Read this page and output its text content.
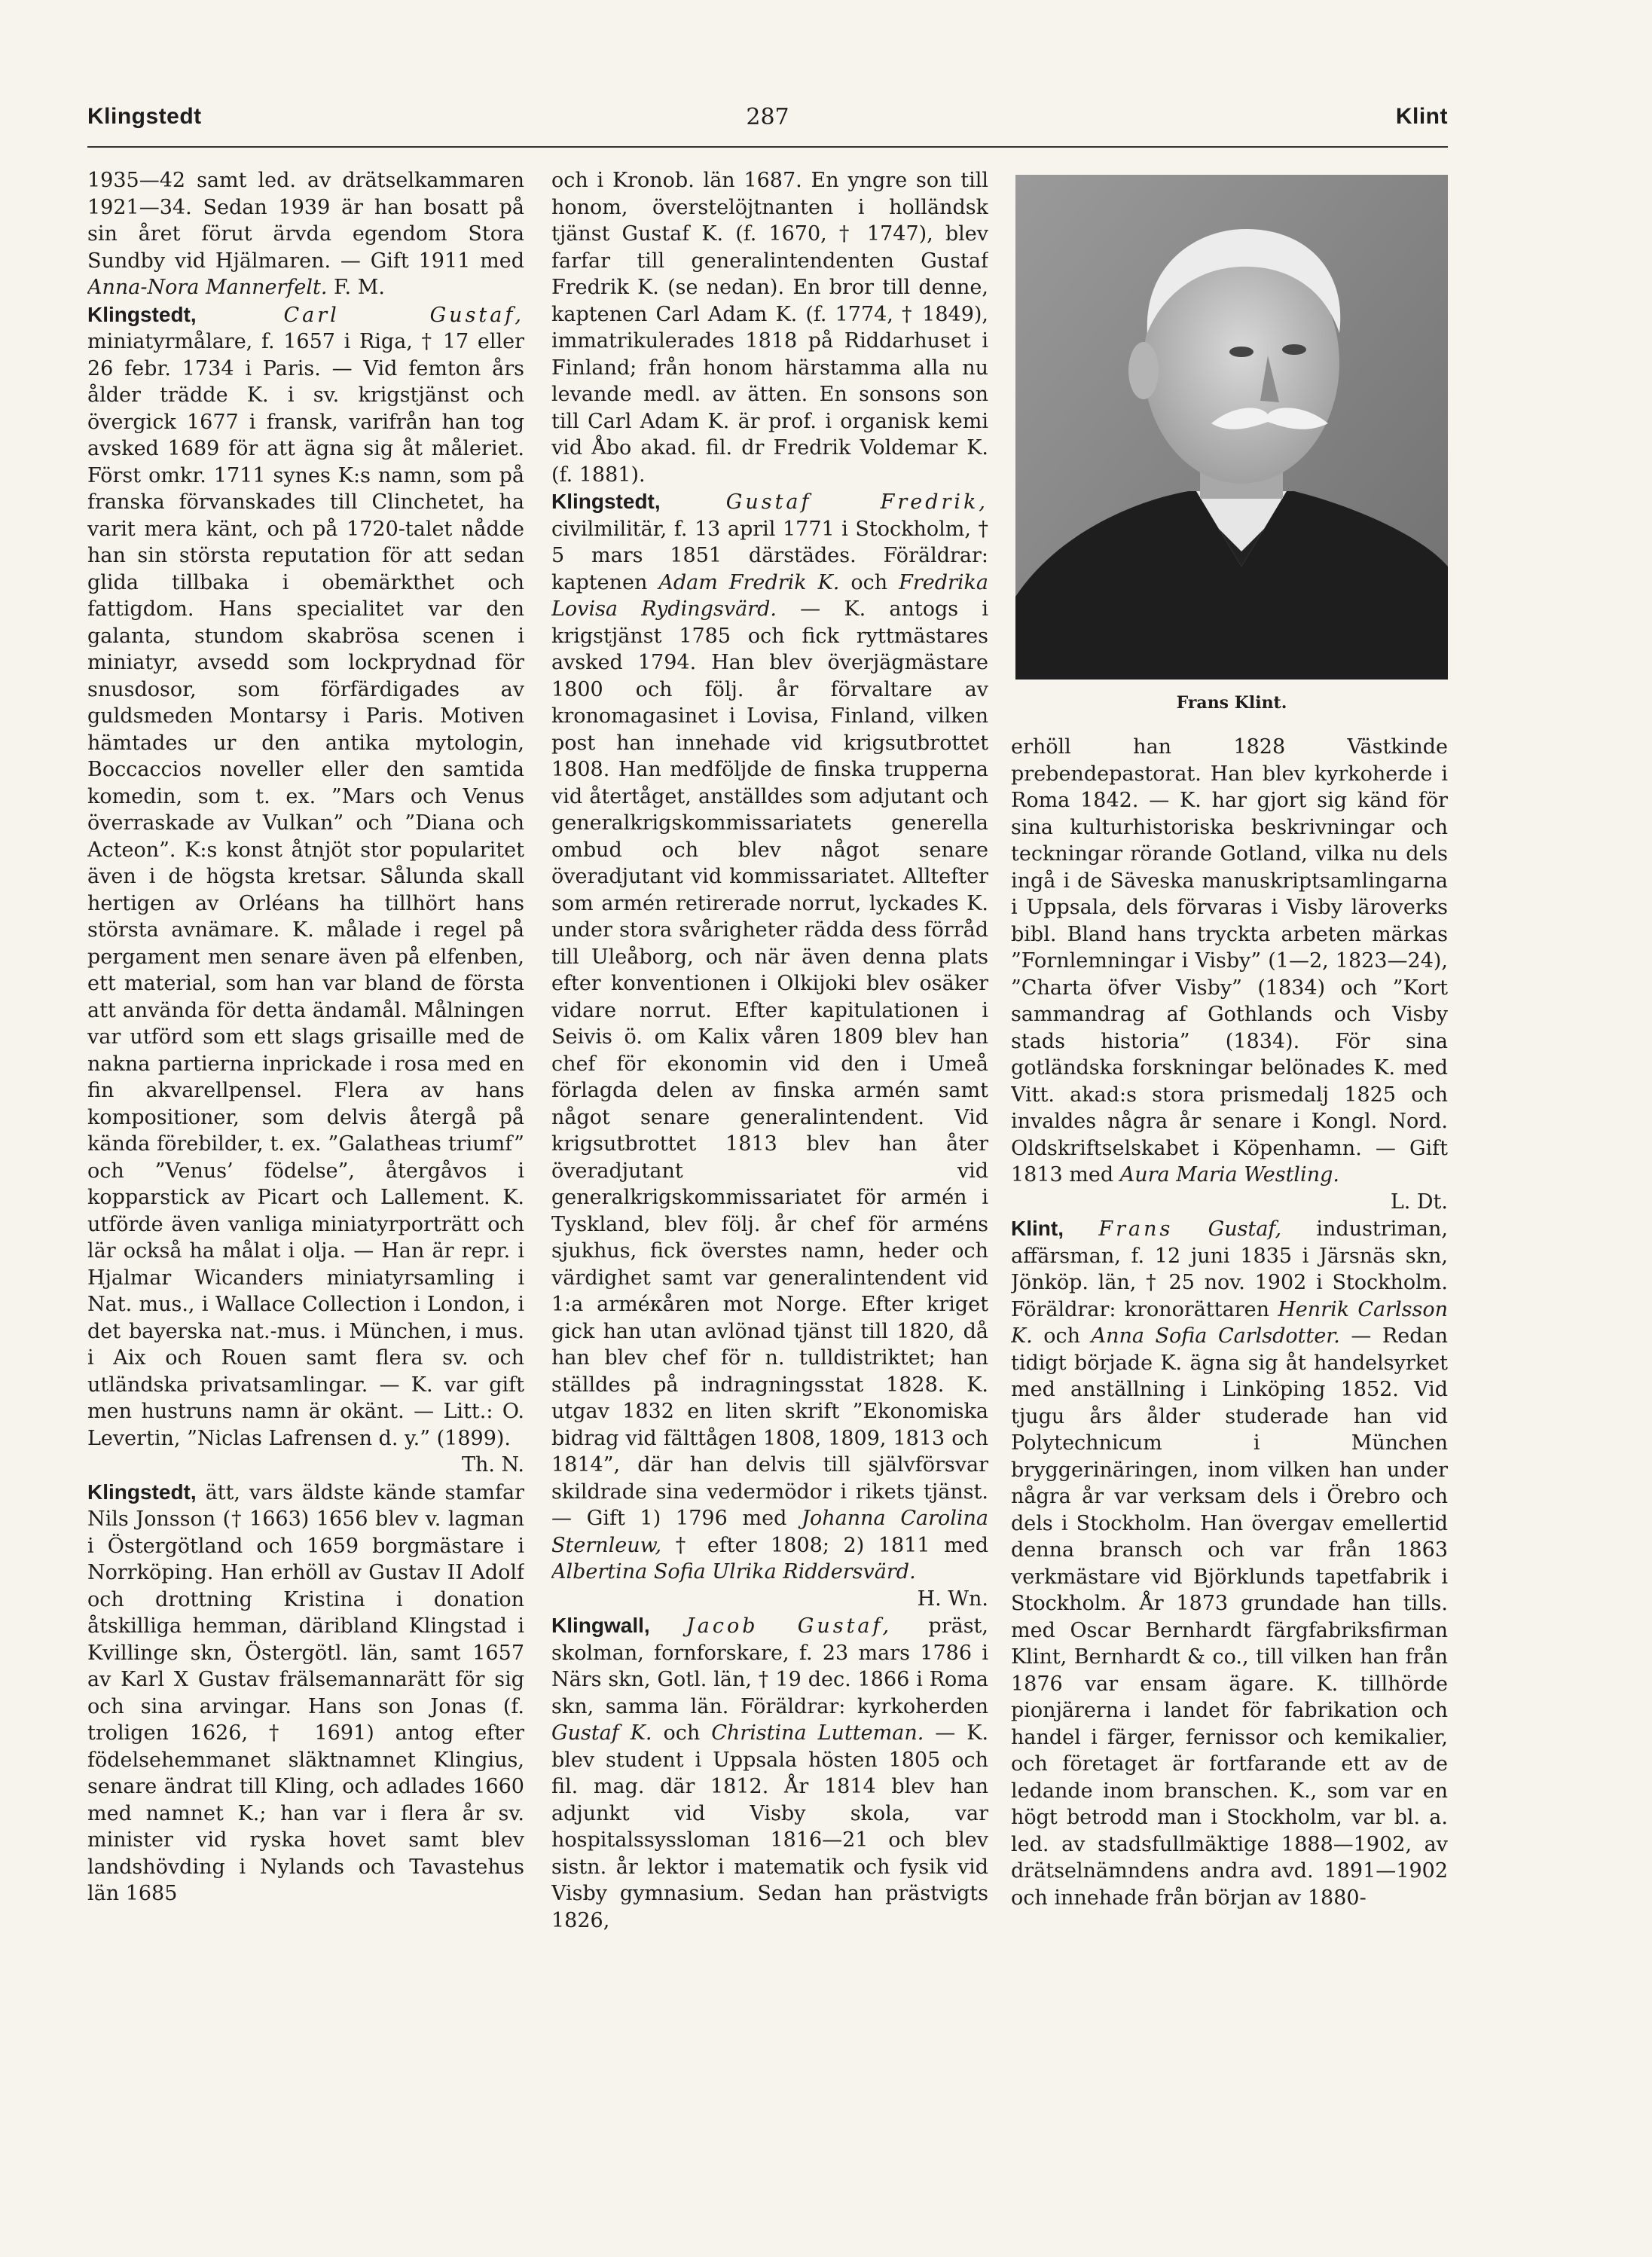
Klingstedt	287	Klint

1935—42 samt led. av drätselkammaren 1921—34. Sedan 1939 är han bosatt på sin året förut ärvda egendom Stora Sundby vid Hjälmaren. — Gift 1911 med Anna-Nora Mannerfelt. F. M.

Klingstedt,	Carl Gustaf, miniatyrmålare, f. 1657 i Riga, † 17 eller 26 febr. 1734 i Paris. — Vid femton års ålder trädde K. i sv. krigstjänst och övergick 1677 i fransk, varifrån han tog avsked 1689 för att ägna sig åt måleriet. Först omkr. 1711 synes K:s namn, som på franska förvanskades till Clinchetet, ha varit mera känt, och på 1720-talet nådde han sin största reputation för att sedan glida tillbaka i obemärkthet och fattigdom. Hans specialitet var den galanta, stundom skabrösa scenen i miniatyr, avsedd som lockprydnad för snusdosor, som förfärdigades av guldsmeden Montarsy i Paris. Motiven hämtades ur den antika mytologin, Boccaccios noveller eller den samtida komedin, som t. ex. ”Mars och Venus överraskade av Vulkan” och ”Diana och Acteon”. K:s konst åtnjöt stor popularitet även i de högsta kretsar. Sålunda skall hertigen av Orléans ha tillhört hans största avnämare. K. målade i regel på pergament men senare även på elfenben, ett material, som han var bland de första att använda för detta ändamål. Målningen var utförd som ett slags grisaille med de nakna partierna inprickade i rosa med en fin akvarellpensel. Flera av hans kompositioner, som delvis återgå på kända förebilder, t. ex. ”Galatheas triumf” och ”Venus’ födelse”, återgåvos i kopparstick av Picart och Lallement. K. utförde även vanliga miniatyrporträtt och lär också ha målat i olja. — Han är repr. i Hjalmar Wicanders miniatyrsamling i Nat. mus., i Wallace Collection i London, i det bayerska nat.-mus. i München, i mus. i Aix och Rouen samt flera sv. och utländska privatsamlingar. — K. var gift men hustruns namn är okänt. — Litt.: O. Levertin, ”Niclas Lafrensen d. y.” (1899).
Th. N.

Klingstedt, ätt, vars äldste kände stamfar Nils Jonsson († 1663) 1656 blev v. lagman i Östergötland och 1659 borgmästare i Norrköping. Han erhöll av Gustav II Adolf och drottning Kristina i donation åtskilliga hemman, däribland Klingstad i Kvillinge skn, Östergötl. län, samt 1657 av Karl X Gustav frälsemannarätt för sig och sina arvingar. Hans son Jonas (f. troligen 1626, † 1691) antog efter födelsehemmanet släktnamnet Klingius, senare ändrat till Kling, och adlades 1660 med namnet K.; han var i flera år sv. minister vid ryska hovet samt blev landshövding i Nylands och Tavastehus län 1685

och i Kronob. län 1687. En yngre son till honom, överstelöjtnanten i holländsk tjänst Gustaf K. (f. 1670, † 1747), blev farfar till generalintendenten Gustaf Fredrik K. (se nedan). En bror till denne, kaptenen Carl Adam K. (f. 1774, † 1849), immatrikulerades 1818 på Riddarhuset i Finland; från honom härstamma alla nu levande medl. av ätten. En sonsons son till Carl Adam K. är prof. i organisk kemi vid Åbo akad. fil. dr Fredrik Voldemar K. (f. 1881).

Klingstedt,	Gustaf Fredrik, civilmilitär, f. 13 april 1771 i Stockholm, † 5 mars 1851 därstädes. Föräldrar: kaptenen Adam Fredrik K. och Fredrika Lovisa Rydingsvärd. — K. antogs i krigstjänst 1785 och fick ryttmästares avsked 1794. Han blev överjägmästare 1800 och följ. år förvaltare av kronomagasinet i Lovisa, Finland, vilken post han innehade vid krigsutbrottet 1808. Han medföljde de finska trupperna vid återtåget, anställdes som adjutant och generalkrigskommissariatets generella ombud och blev något senare överadjutant vid kommissariatet. Alltefter som armén retirerade norrut, lyckades K. under stora svårigheter rädda dess förråd till Uleåborg, och när även denna plats efter konventionen i Olkijoki blev osäker vidare norrut. Efter kapitulationen i Seivis ö. om Kalix våren 1809 blev han chef för ekonomin vid den i Umeå förlagda delen av finska armén samt något senare generalintendent. Vid krigsutbrottet 1813 blev han åter överadjutant vid generalkrigskommissariatet för armén i Tyskland, blev följ. år chef för arméns sjukhus, fick överstes namn, heder och värdighet samt var generalintendent vid 1:a arméкåren mot Norge. Efter kriget gick han utan avlönad tjänst till 1820, då han blev chef för n. tulldistriktet; han ställdes på indragningsstat 1828. K. utgav 1832 en liten skrift ”Ekonomiska bidrag vid fälttågen 1808, 1809, 1813 och 1814”, där han delvis till självförsvar skildrade sina vedermödor i rikets tjänst. — Gift 1) 1796 med Johanna Carolina Sternleuw, † efter 1808; 2) 1811 med Albertina Sofia Ulrika Riddersvärd.
H. Wn.

Klingwall, Jacob Gustaf, präst, skolman, fornforskare, f. 23 mars 1786 i Närs skn, Gotl. län, † 19 dec. 1866 i Roma skn, samma län. Föräldrar: kyrkoherden Gustaf K. och Christina Lutteman. — K. blev student i Uppsala hösten 1805 och fil. mag. där 1812. År 1814 blev han adjunkt vid Visby skola, var hospitalssyssloman 1816—21 och blev sistn. år lektor i matematik och fysik vid Visby gymnasium. Sedan han prästvigts 1826,

Frans Klint.

erhöll han 1828 Västkinde prebendepastorat. Han blev kyrkoherde i Roma 1842. — K. har gjort sig känd för sina kulturhistoriska beskrivningar och teckningar rörande Gotland, vilka nu dels ingå i de Säveska manuskriptsamlingarna i Uppsala, dels förvaras i Visby läroverks bibl. Bland hans tryckta arbeten märkas ”Fornlemningar i Visby” (1—2, 1823—24), ”Charta öfver Visby” (1834) och ”Kort sammandrag af Gothlands och Visby stads historia” (1834). För sina gotländska forskningar belönades K. med Vitt. akad:s stora prismedalj 1825 och invaldes några år senare i Kongl. Nord. Oldskriftselskabet i Köpenhamn. — Gift 1813 med Aura Maria Westling.
L. Dt.

Klint, Frans Gustaf, industriman, affärsman, f. 12 juni 1835 i Järsnäs skn, Jönköp. län, † 25 nov. 1902 i Stockholm. Föräldrar: kronorättaren Henrik Carlsson K. och Anna Sofia Carlsdotter. — Redan tidigt började K. ägna sig åt handelsyrket med anställning i Linköping 1852. Vid tjugu års ålder studerade han vid Polytechnicum i München bryggerinäringen, inom vilken han under några år var verksam dels i Örebro och dels i Stockholm. Han övergav emellertid denna bransch och var från 1863 verkmästare vid Björklunds tapetfabrik i Stockholm. År 1873 grundade han tills. med Oscar Bernhardt färgfabriksfirman Klint, Bernhardt & co., till vilken han från 1876 var ensam ägare. K. tillhörde pionjärerna i landet för fabrikation och handel i färger, fernissor och kemikalier, och företaget är fortfarande ett av de ledande inom branschen. K., som var en högt betrodd man i Stockholm, var bl. a. led. av stadsfullmäktige 1888—1902, av drätselnämndens andra avd. 1891—1902 och innehade från början av 1880-
